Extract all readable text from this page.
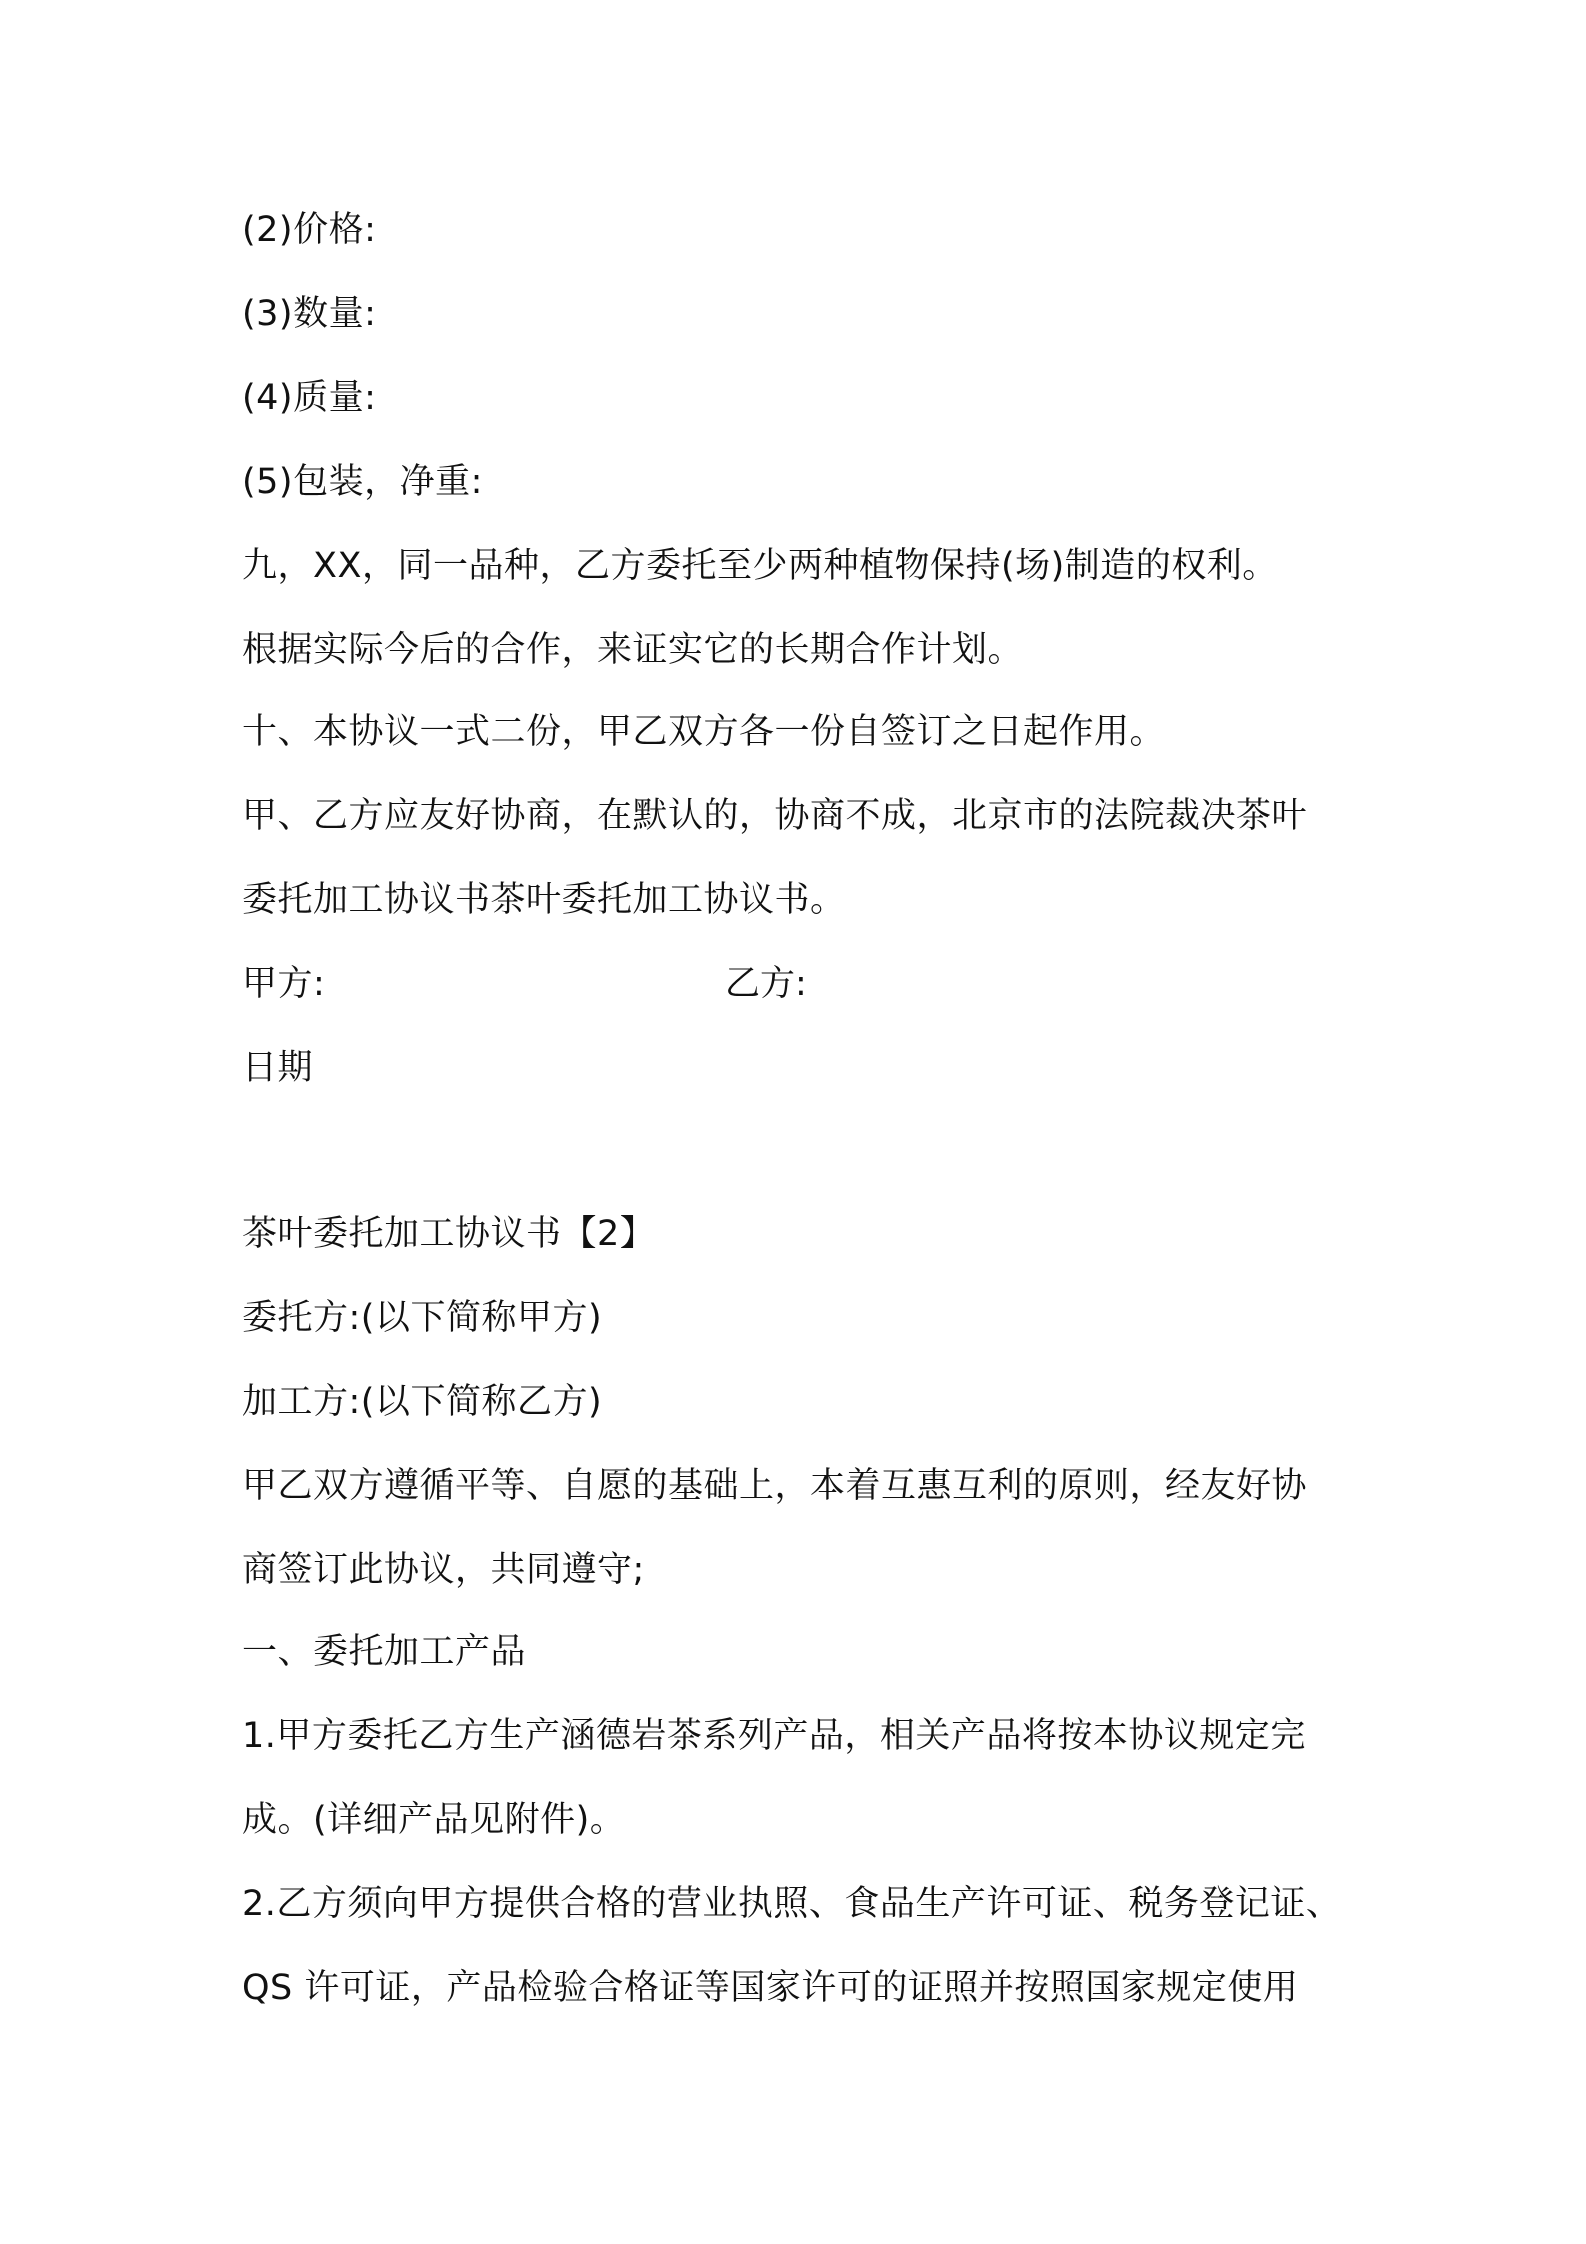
(2)价格:
(3)数量:
(4)质量:
(5)包装，净重:
九，XX，同一品种，乙方委托至少两种植物保持(场)制造的权利。
根据实际今后的合作，来证实它的长期合作计划。
十、本协议一式二份，甲乙双方各一份自签订之日起作用。
甲、乙方应友好协商，在默认的，协商不成，北京市的法院裁决茶叶
委托加工协议书茶叶委托加工协议书。
甲方:	乙方:
日期
茶叶委托加工协议书【2】
委托方:(以下简称甲方)
加工方:(以下简称乙方)
甲乙双方遵循平等、自愿的基础上，本着互惠互利的原则，经友好协
商签订此协议，共同遵守;
一、委托加工产品
1.甲方委托乙方生产涵德岩茶系列产品，相关产品将按本协议规定完
成。(详细产品见附件)。
2.乙方须向甲方提供合格的营业执照、食品生产许可证、税务登记证、
QS 许可证，产品检验合格证等国家许可的证照并按照国家规定使用
